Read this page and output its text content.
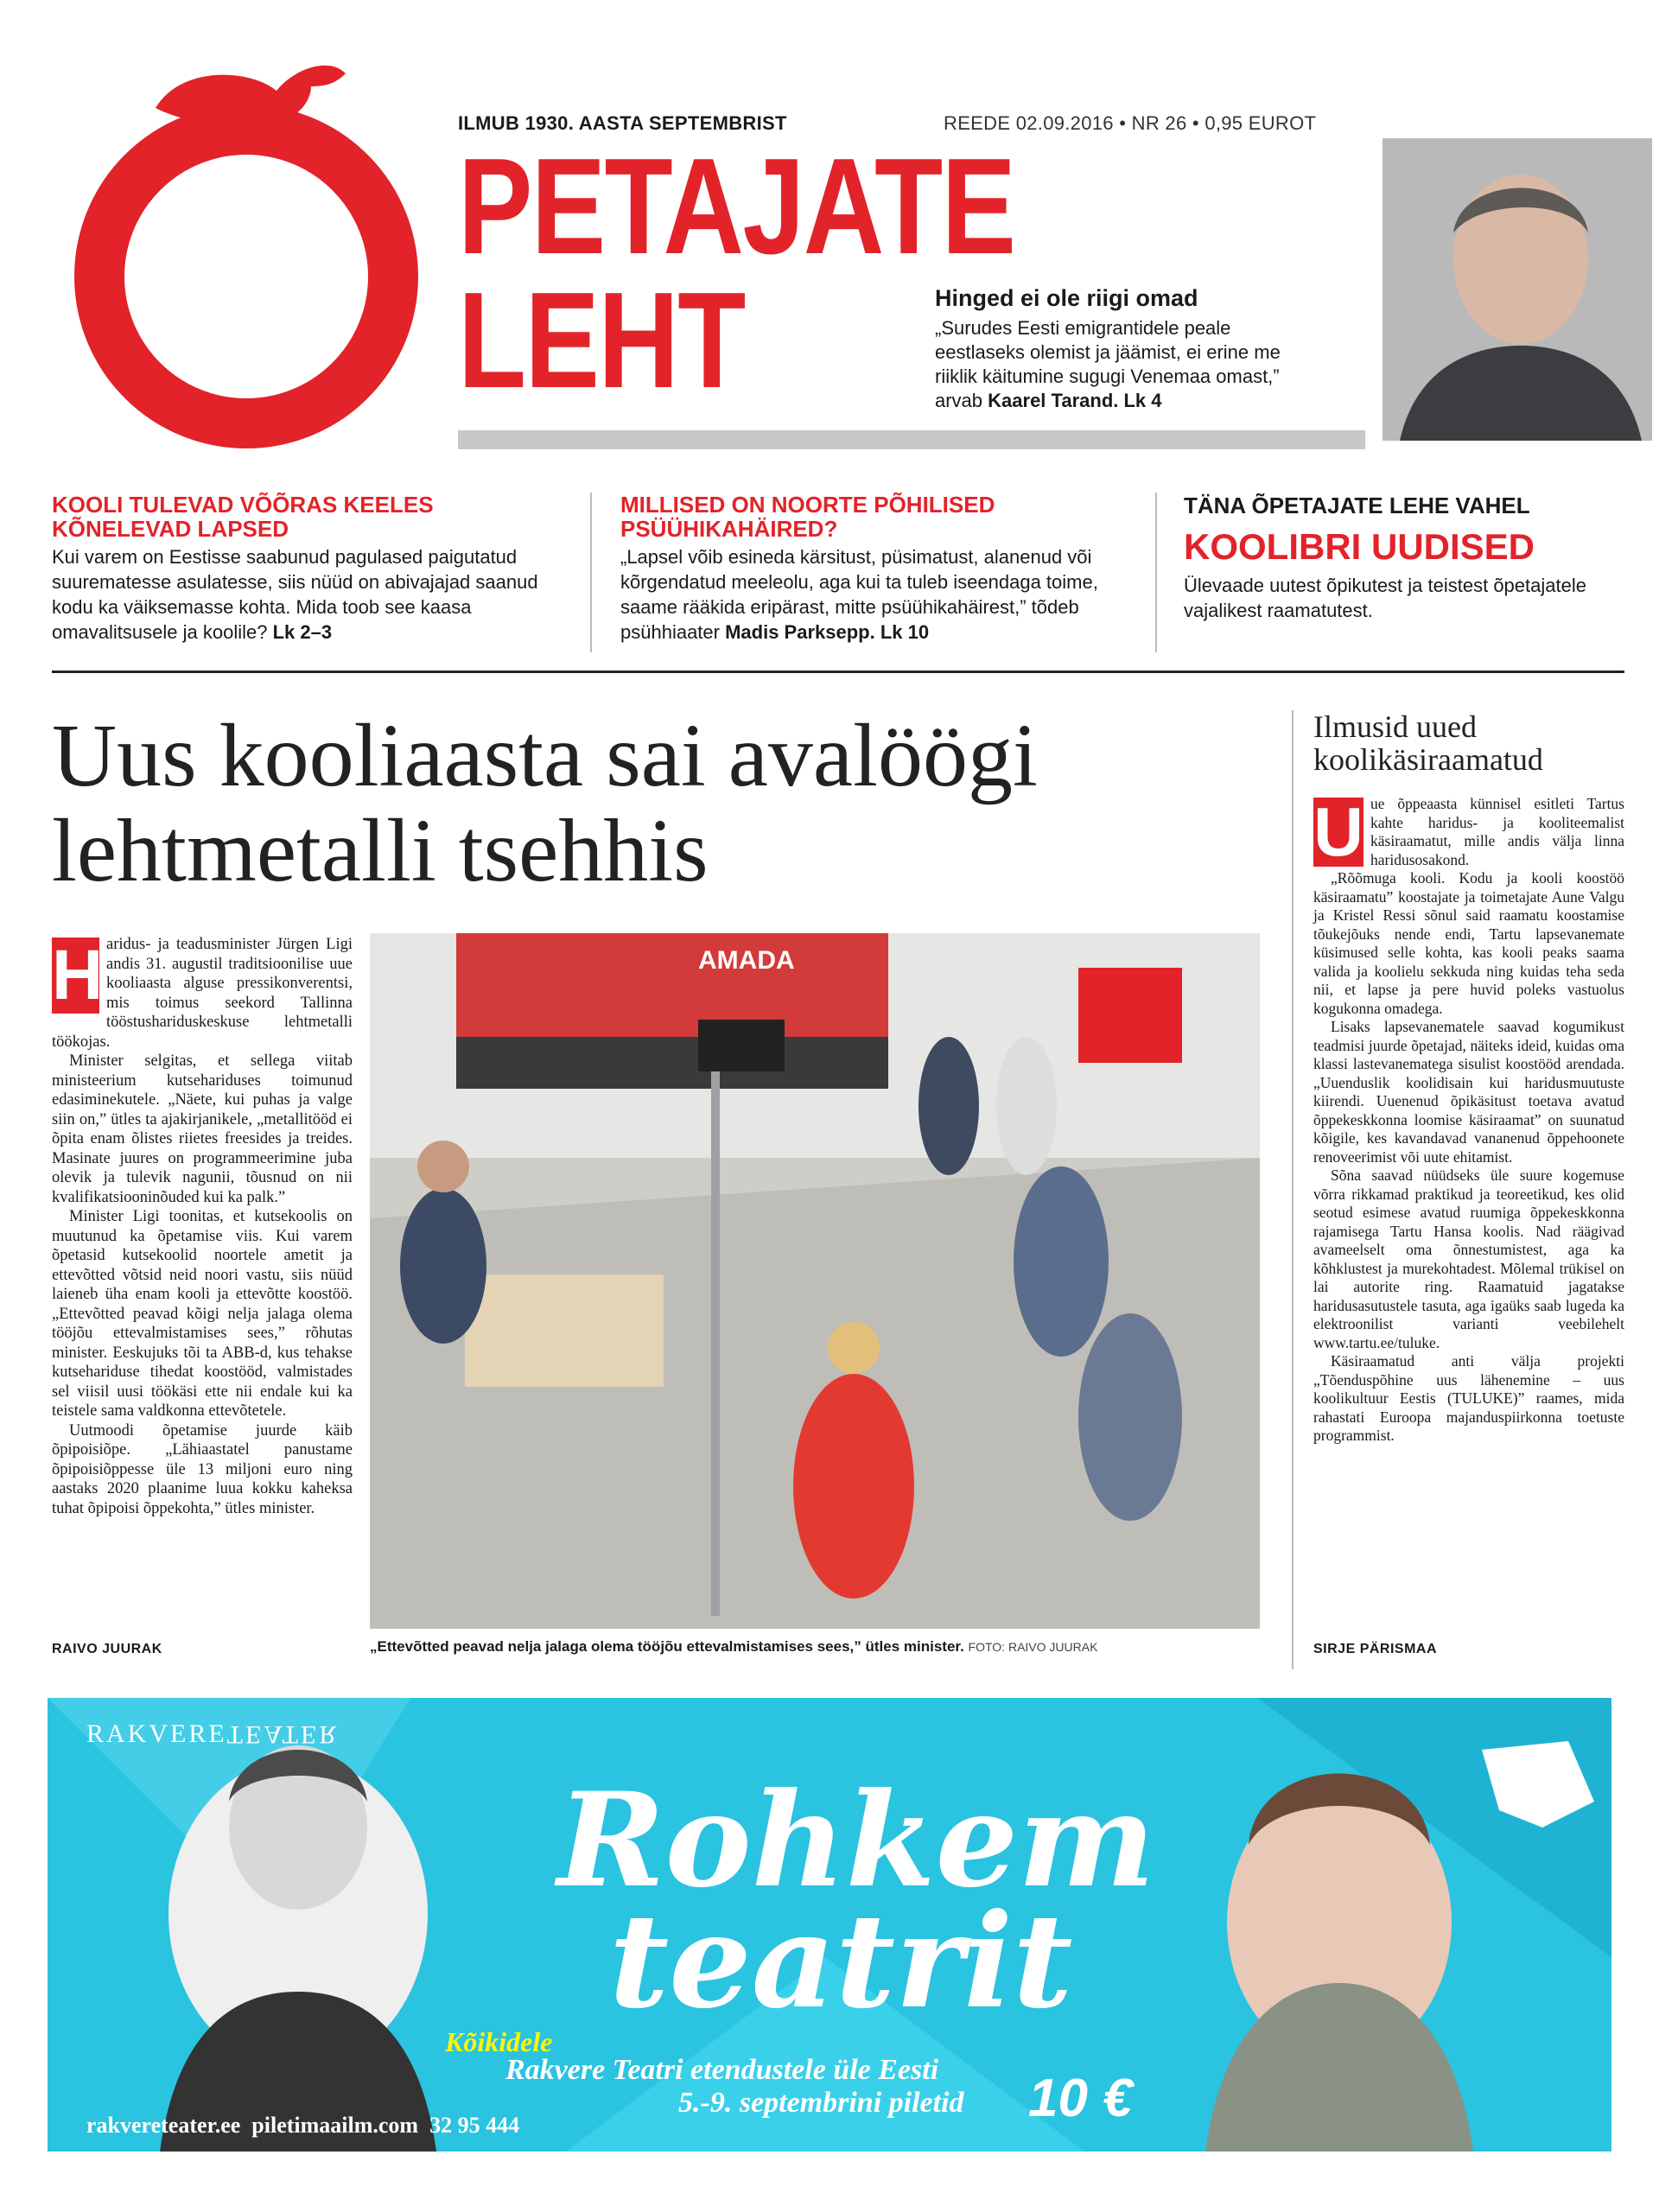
ILMUB 1930. AASTA SEPTEMBRIST	REEDE 02.09.2016 • NR 26 • 0,95 EUROT
PETAJATE
LEHT	Hinged ei ole riigi omad
„Surudes Eesti emigrantidele peale eestlaseks olemist ja jäämist, ei erine me riiklik käitumine sugugi Venemaa omast,” arvab Kaarel Tarand. Lk 4
KOOLI TULEVAD VÕÕRAS KEELES KÕNELEVAD LAPSED

Kui varem on Eestisse saabunud pagulased paigutatud suurematesse asulatesse, siis nüüd on abivajajad saanud kodu ka väiksemasse kohta. Mida toob see kaasa omavalitsusele ja koolile? Lk 2–3

MILLISED ON NOORTE PÕHILISED PSÜÜHIKAHÄIRED?

„Lapsel võib esineda kärsitust, püsimatust, alanenud või kõrgendatud meeleolu, aga kui ta tuleb iseendaga toime, saame rääkida eripärast, mitte psüühikahäirest,” tõdeb psühhiaater Madis Parksepp. Lk 10

TÄNA ÕPETAJATE LEHE VAHEL
KOOLIBRI UUDISED

Ülevaade uutest õpikutest ja teistest õpetajatele vajalikest raamatutest.

Uus kooliaasta sai avalöögi lehtmetalli tsehhis
H aridus- ja teadusminister Jürgen Ligi andis 31. augustil traditsioonilise uue kooliaasta alguse pressikonverentsi, mis toimus seekord Tallinna tööstushariduskeskuse lehtmetalli töökojas.

Minister selgitas, et sellega viitab ministeerium kutsehariduses toimunud edasiminekutele. „Näete, kui puhas ja valge siin on,” ütles ta ajakirjanikele, „metallitööd ei õpita enam õlistes riietes freesides ja treides. Masinate juures on programmeerimine juba olevik ja tulevik nagunii, tõusnud on nii kvalifikatsiooninõuded kui ka palk.”

Minister Ligi toonitas, et kutsekoolis on muutunud ka õpetamise viis. Kui varem õpetasid kutsekoolid noortele ametit ja ettevõtted võtsid neid noori vastu, siis nüüd laieneb üha enam kooli ja ettevõtte koostöö. „Ettevõtted peavad kõigi nelja jalaga olema tööjõu ettevalmistamises sees,” rõhutas minister. Eeskujuks tõi ta ABB-d, kus tehakse kutsehariduse tihedat koostööd, valmistades sel viisil uusi töökäsi ette nii endale kui ka teistele sama valdkonna ettevõtetele.

Uutmoodi õpetamise juurde käib õpipoisiõpe. „Lähiaastatel panustame õpipoisiõppesse üle 13 miljoni euro ning aastaks 2020 plaanime luua kokku kaheksa tuhat õpipoisi õppekohta,” ütles minister.

RAIVO JUURAK
AMADA
„Ettevõtted peavad nelja jalaga olema tööjõu ettevalmistamises sees,” ütles minister. FOTO: RAIVO JUURAK
Ilmusid uued koolikäsiraamatud
U ue õppeaasta künnisel esitleti Tartus kahte haridus- ja kooliteemalist käsiraamatut, mille andis välja linna haridusosakond.

„Rõõmuga kooli. Kodu ja kooli koostöö käsiraamatu” koostajate ja toimetajate Aune Valgu ja Kristel Ressi sõnul said raamatu koostamise tõukejõuks nende endi, Tartu lapsevanemate küsimused selle kohta, kas kooli peaks saama valida ja koolielu sekkuda ning kuidas teha seda nii, et lapse ja pere huvid poleks vastuolus kogukonna omadega.

Lisaks lapsevanematele saavad kogumikust teadmisi juurde õpetajad, näiteks ideid, kuidas oma klassi lastevanematega sisulist koostööd arendada. „Uuenduslik koolidisain kui haridusmuutuste kiirendi. Uuenenud õpikäsitust toetava avatud õppekeskkonna loomise käsiraamat” on suunatud kõigile, kes kavandavad vananenud õppehoonete renoveerimist või uute ehitamist.

Sõna saavad nüüdseks üle suure kogemuse võrra rikkamad praktikud ja teoreetikud, kes olid seotud esimese avatud ruumiga õppekeskkonna rajamisega Tartu Hansa koolis. Nad räägivad avameelselt oma õnnestumistest, aga ka kõhklustest ja murekohtadest. Mõlemal trükisel on lai autorite ring. Raamatuid jagatakse haridusasutustele tasuta, aga igaüks saab lugeda ka elektroonilist varianti veebilehelt www.tartu.ee/tuluke.

Käsiraamatud anti välja projekti „Tõenduspõhine uus lähenemine – uus koolikultuur Eestis (TULUKE)” raames, mida rahastati Euroopa majanduspiirkonna toetuste programmist.

SIRJE PÄRISMAA
RAKVERETEATER
Rohkem
teatrit
Kõikidele
Rakvere Teatri etendustele üle Eesti
5.-9. septembrini piletid 10 €
rakvereteater.ee  piletimaailm.com  32 95 444
